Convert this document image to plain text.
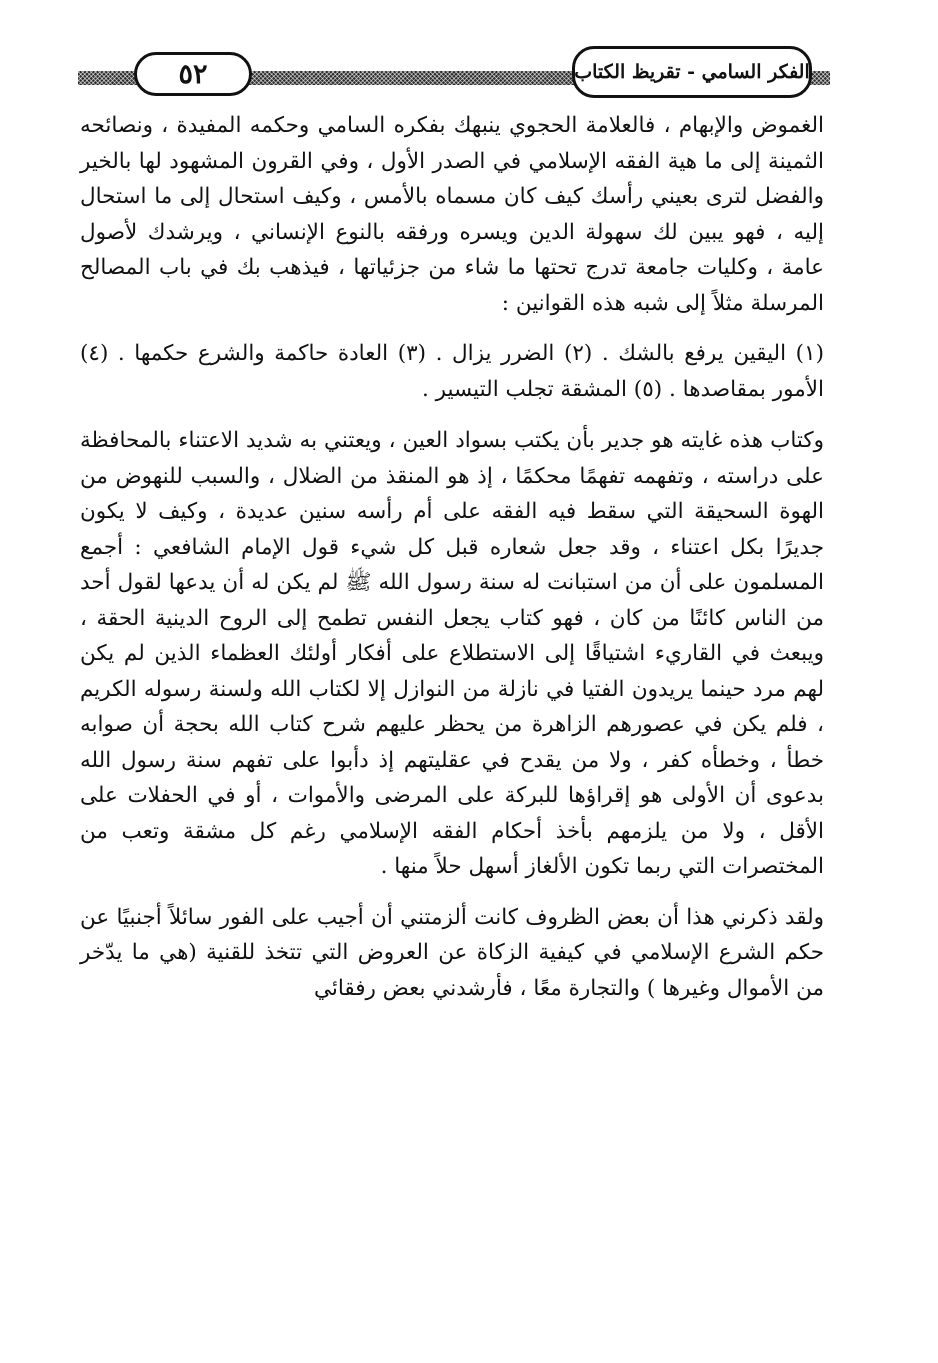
٥٢	الفكر السامي - تقريظ الكتاب

الغموض والإبهام ، فالعلامة الحجوي ينبهك بفكره السامي وحكمه المفيدة ، ونصائحه الثمينة إلى ما هية الفقه الإسلامي في الصدر الأول ، وفي القرون المشهود لها بالخير والفضل لترى بعيني رأسك كيف كان مسماه بالأمس ، وكيف استحال إلى ما استحال إليه ، فهو يبين لك سهولة الدين ويسره ورفقه بالنوع الإنساني ، ويرشدك لأصول عامة ، وكليات جامعة تدرج تحتها ما شاء من جزئياتها ، فيذهب بك في باب المصالح المرسلة مثلاً إلى شبه هذه القوانين :

(١) اليقين يرفع بالشك . (٢) الضرر يزال . (٣) العادة حاكمة والشرع حكمها . (٤) الأمور بمقاصدها . (٥) المشقة تجلب التيسير .

وكتاب هذه غايته هو جدير بأن يكتب بسواد العين ، ويعتني به شديد الاعتناء بالمحافظة على دراسته ، وتفهمه تفهمًا محكمًا ، إذ هو المنقذ من الضلال ، والسبب للنهوض من الهوة السحيقة التي سقط فيه الفقه على أم رأسه سنين عديدة ، وكيف لا يكون جديرًا بكل اعتناء ، وقد جعل شعاره قبل كل شيء قول الإمام الشافعي : أجمع المسلمون على أن من استبانت له سنة رسول الله ﷺ لم يكن له أن يدعها لقول أحد من الناس كائنًا من كان ، فهو كتاب يجعل النفس تطمح إلى الروح الدينية الحقة ، ويبعث في القاريء اشتياقًا إلى الاستطلاع على أفكار أولئك العظماء الذين لم يكن لهم مرد حينما يريدون الفتيا في نازلة من النوازل إلا لكتاب الله ولسنة رسوله الكريم ، فلم يكن في عصورهم الزاهرة من يحظر عليهم شرح كتاب الله بحجة أن صوابه خطأ ، وخطأه كفر ، ولا من يقدح في عقليتهم إذ دأبوا على تفهم سنة رسول الله بدعوى أن الأولى هو إقراؤها للبركة على المرضى والأموات ، أو في الحفلات على الأقل ، ولا من يلزمهم بأخذ أحكام الفقه الإسلامي رغم كل مشقة وتعب من المختصرات التي ربما تكون الألغاز أسهل حلاً منها .

ولقد ذكرني هذا أن بعض الظروف كانت ألزمتني أن أجيب على الفور سائلاً أجنبيًا عن حكم الشرع الإسلامي في كيفية الزكاة عن العروض التي تتخذ للقنية (هي ما يدّخر من الأموال وغيرها ) والتجارة معًا ، فأرشدني بعض رفقائي
